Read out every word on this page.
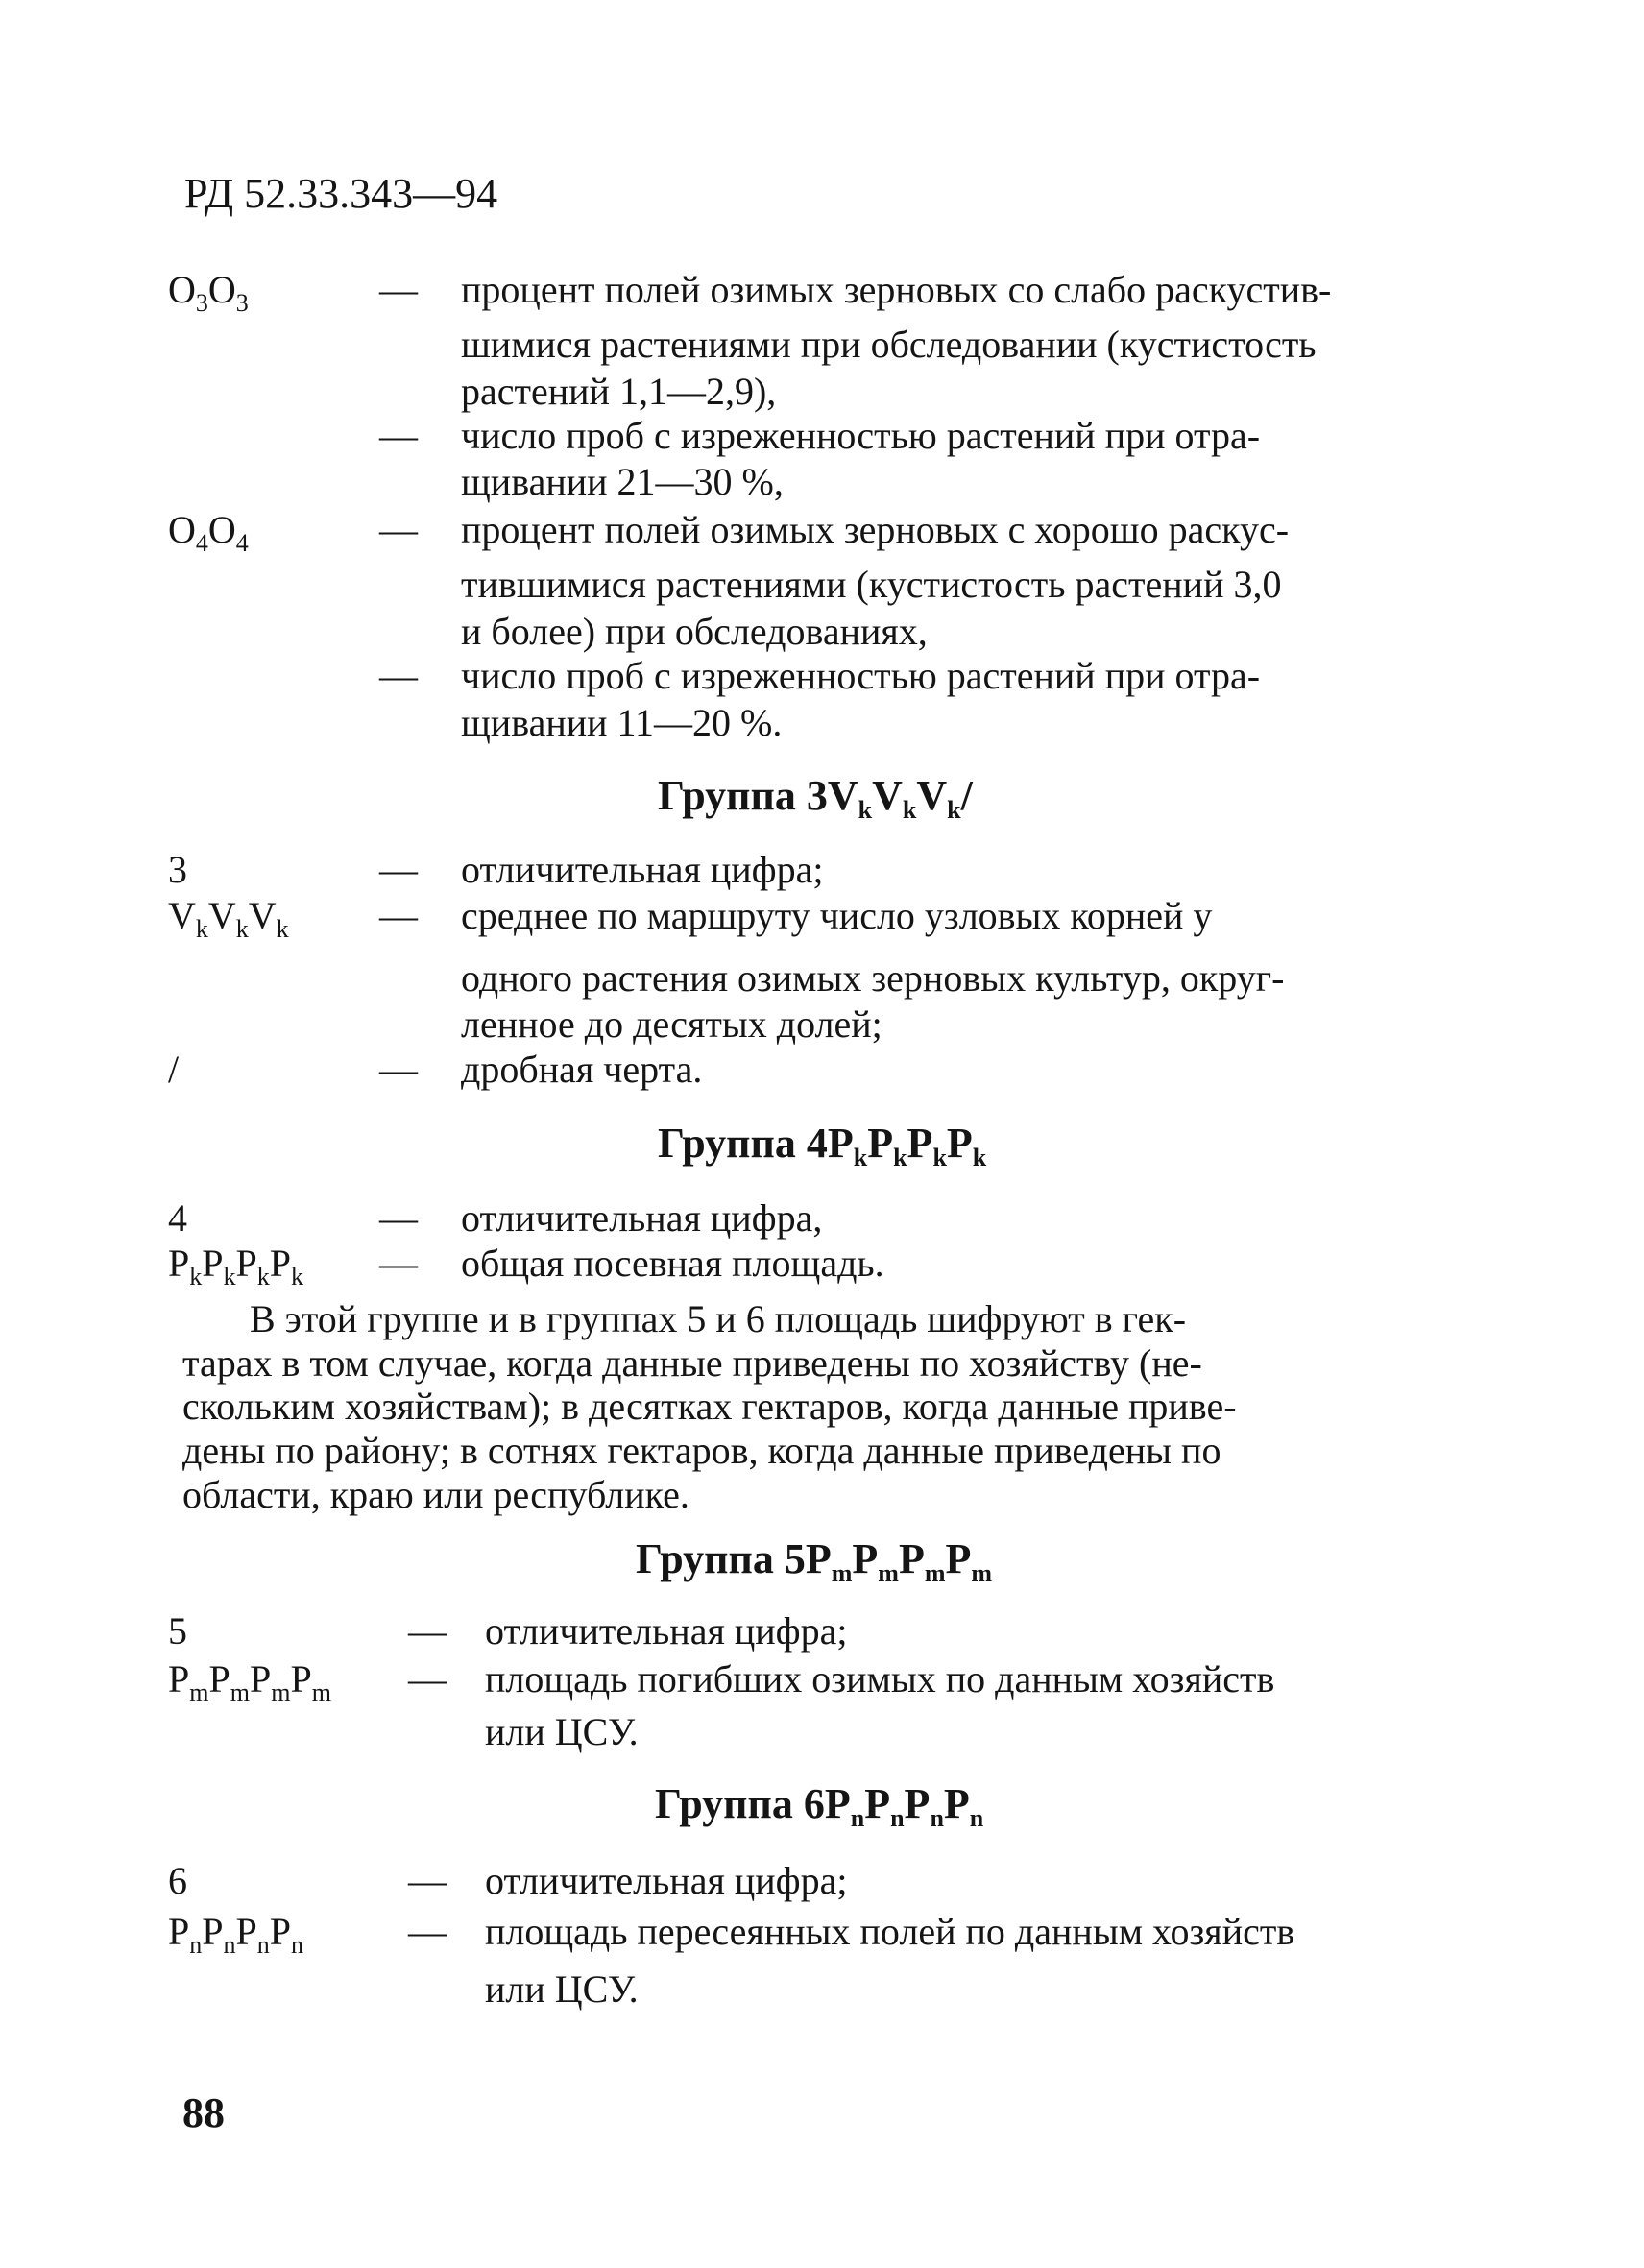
РД 52.33.343—94
$O_3O_3$	— процент полей озимых зерновых со слабо раскустив-
шимися растениями при обследовании (кустистость
растений 1,1—2,9),
— число проб с изреженностью растений при отра-
щивании 21—30 %,
$O_4O_4$	— процент полей озимых зерновых с хорошо раскус-
тившимися растениями (кустистость растений 3,0
и более) при обследованиях,
— число проб с изреженностью растений при отра-
щивании 11—20 %.
Группа $3V_kV_kV_k/$
3	— отличительная цифра;
$V_kV_kV_k$	— среднее по маршруту число узловых корней у
одного растения озимых зерновых культур, округ-
ленное до десятых долей;
/	— дробная черта.
Группа $4P_kP_kP_kP_k$
4	— отличительная цифра,
$P_kP_kP_kP_k$	— общая посевная площадь.
В этой группе и в группах 5 и 6 площадь шифруют в гек-
тарах в том случае, когда данные приведены по хозяйству (не-
скольким хозяйствам); в десятках гектаров, когда данные приве-
дены по району; в сотнях гектаров, когда данные приведены по
области, краю или республике.
Группа $5P_mP_mP_mP_m$
5	— отличительная цифра;
$P_mP_mP_mP_m$	— площадь погибших озимых по данным хозяйств
или ЦСУ.
Группа $6P_nP_nP_nP_n$
6	— отличительная цифра;
$P_nP_nP_nP_n$	— площадь пересеянных полей по данным хозяйств
или ЦСУ.
88
